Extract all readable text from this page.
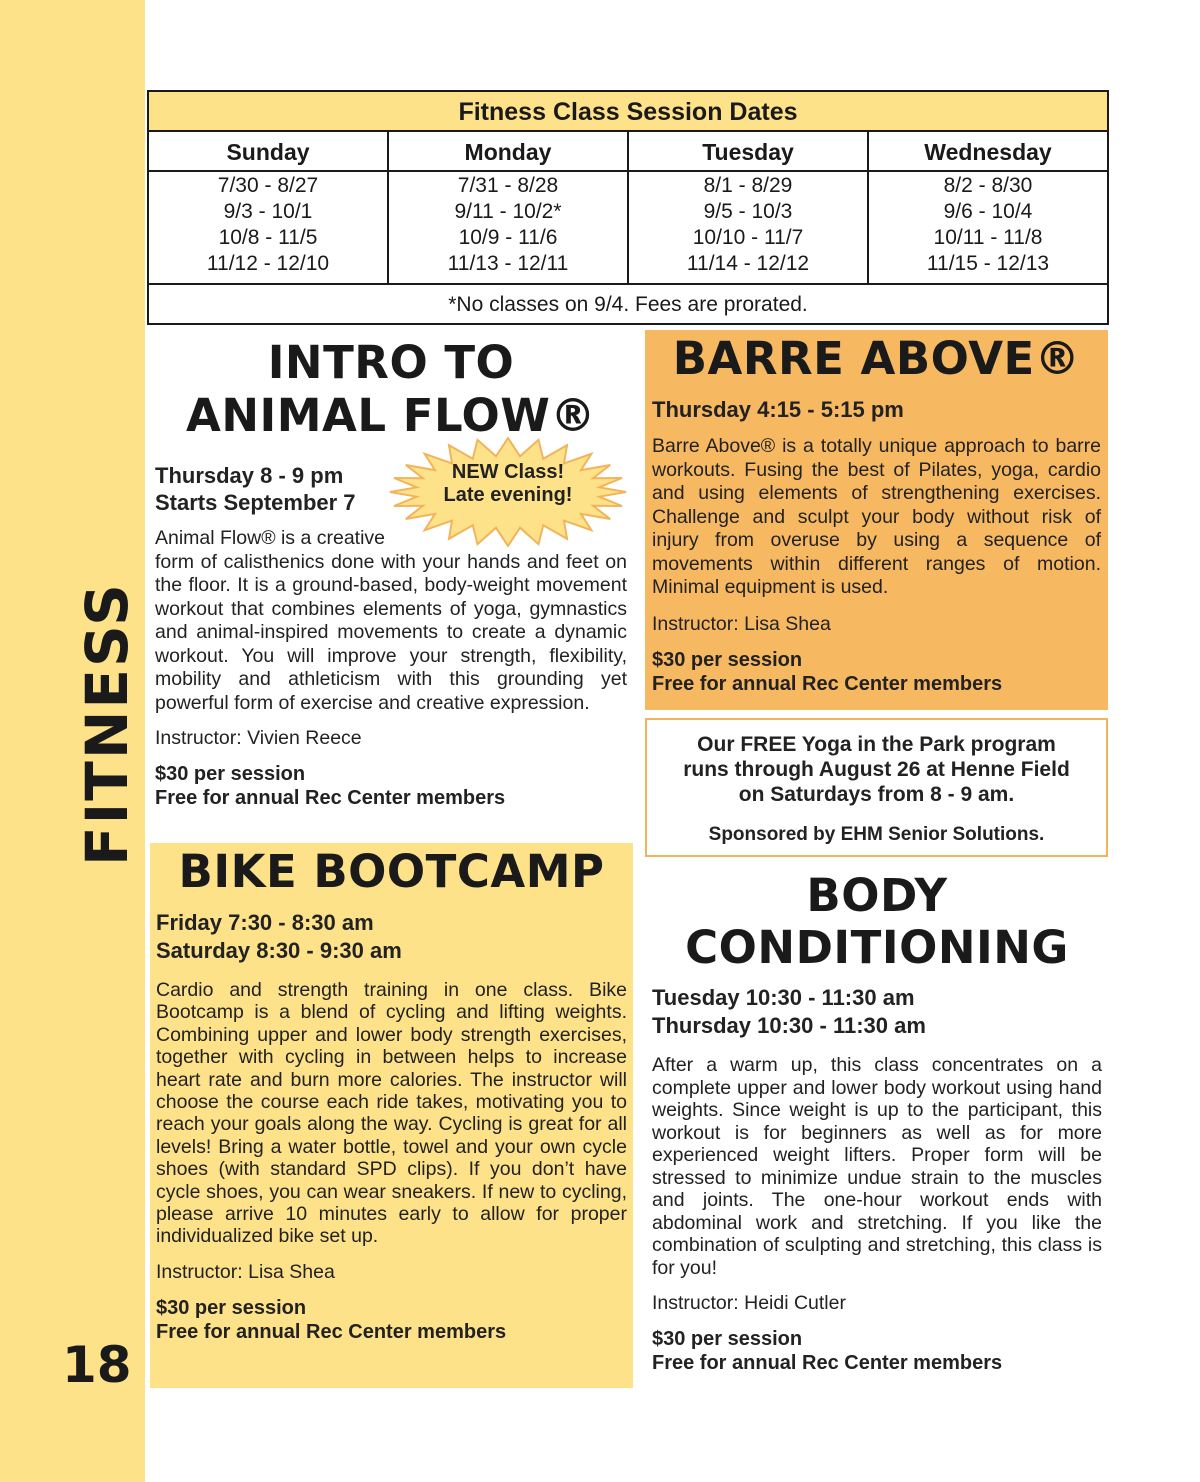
FITNESS
18
Fitness Class Session Dates
Sunday
7/30 - 8/27
9/3 - 10/1
10/8 - 11/5
11/12 - 12/10
Monday
7/31 - 8/28
9/11 - 10/2*
10/9 - 11/6
11/13 - 12/11
Tuesday
8/1 - 8/29
9/5 - 10/3
10/10 - 11/7
11/14 - 12/12
Wednesday
8/2 - 8/30
9/6 - 10/4
10/11 - 11/8
11/15 - 12/13
*No classes on 9/4. Fees are prorated.
INTRO TO
ANIMAL FLOW®
Thursday 8 - 9 pm
Starts September 7
Animal Flow® is a creative
form of calisthenics done with your hands and feet on the floor. It is a ground-based, body-weight movement workout that combines elements of yoga, gymnastics and animal-inspired movements to create a dynamic workout. You will improve your strength, flexibility, mobility and athleticism with this grounding yet powerful form of exercise and creative expression.
Instructor: Vivien Reece
$30 per session
Free for annual Rec Center members
NEW Class!
Late evening!
BARRE ABOVE®
Thursday 4:15 - 5:15 pm
Barre Above® is a totally unique approach to barre workouts. Fusing the best of Pilates, yoga, cardio and using elements of strengthening exercises. Challenge and sculpt your body without risk of injury from overuse by using a sequence of movements within different ranges of motion. Minimal equipment is used.
Instructor: Lisa Shea
$30 per session
Free for annual Rec Center members
Our FREE Yoga in the Park program
runs through August 26 at Henne Field
on Saturdays from 8 - 9 am.
Sponsored by EHM Senior Solutions.
BIKE BOOTCAMP
Friday 7:30 - 8:30 am
Saturday 8:30 - 9:30 am
Cardio and strength training in one class. Bike Bootcamp is a blend of cycling and lifting weights. Combining upper and lower body strength exercises, together with cycling in between helps to increase heart rate and burn more calories. The instructor will choose the course each ride takes, motivating you to reach your goals along the way. Cycling is great for all levels! Bring a water bottle, towel and your own cycle shoes (with standard SPD clips). If you don’t have cycle shoes, you can wear sneakers. If new to cycling, please arrive 10 minutes early to allow for proper individualized bike set up.
Instructor: Lisa Shea
$30 per session
Free for annual Rec Center members
BODY
CONDITIONING
Tuesday 10:30 - 11:30 am
Thursday 10:30 - 11:30 am
After a warm up, this class concentrates on a complete upper and lower body workout using hand weights. Since weight is up to the participant, this workout is for beginners as well as for more experienced weight lifters. Proper form will be stressed to minimize undue strain to the muscles and joints. The one-hour workout ends with abdominal work and stretching. If you like the combination of sculpting and stretching, this class is for you!
Instructor: Heidi Cutler
$30 per session
Free for annual Rec Center members
